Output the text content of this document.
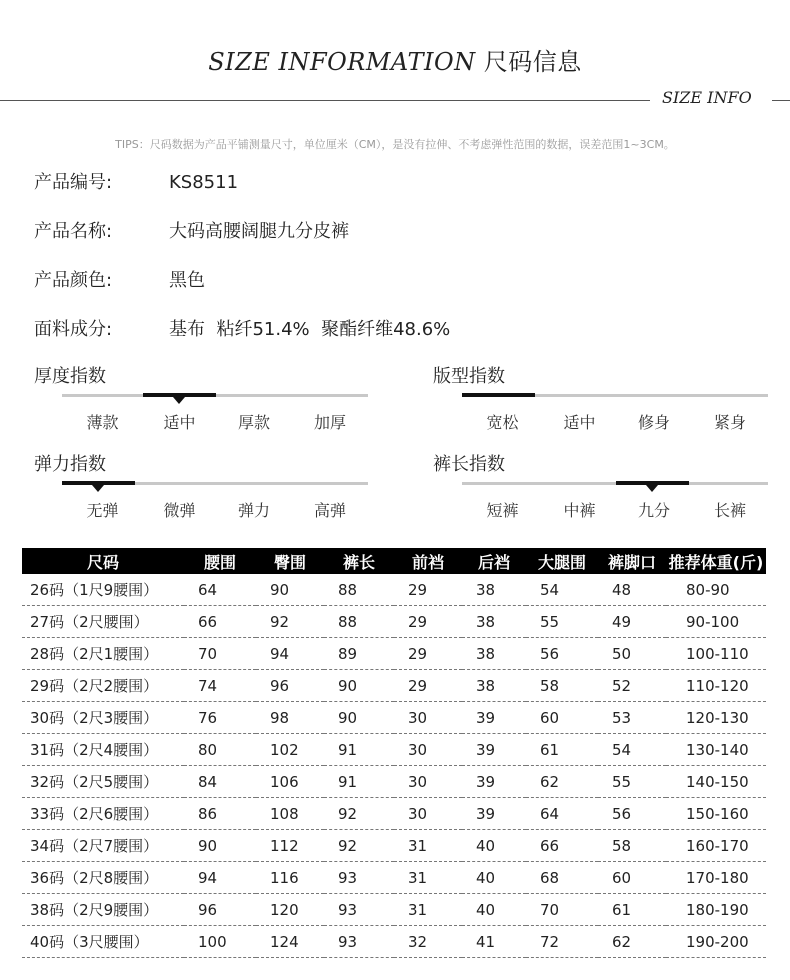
SIZE INFORMATION 尺码信息
SIZE INFO
TIPS：尺码数据为产品平铺测量尺寸，单位厘米（CM），是没有拉伸、不考虑弹性范围的数据，误差范围1~3CM。
产品编号:	KS8511
产品名称:	大码高腰阔腿九分皮裤
产品颜色:	黑色
面料成分:	基布  粘纤51.4%  聚酯纤维48.6%
厚度指数
薄款	适中	厚款	加厚
版型指数
宽松	适中	修身	紧身
弹力指数
无弹	微弹	弹力	高弹
裤长指数
短裤	中裤	九分	长裤
尺码	腰围	臀围	裤长	前裆	后裆	大腿围	裤脚口	推荐体重(斤)
26码（1尺9腰围）	64	90	88	29	38	54	48	80-90
27码（2尺腰围）	66	92	88	29	38	55	49	90-100
28码（2尺1腰围）	70	94	89	29	38	56	50	100-110
29码（2尺2腰围）	74	96	90	29	38	58	52	110-120
30码（2尺3腰围）	76	98	90	30	39	60	53	120-130
31码（2尺4腰围）	80	102	91	30	39	61	54	130-140
32码（2尺5腰围）	84	106	91	30	39	62	55	140-150
33码（2尺6腰围）	86	108	92	30	39	64	56	150-160
34码（2尺7腰围）	90	112	92	31	40	66	58	160-170
36码（2尺8腰围）	94	116	93	31	40	68	60	170-180
38码（2尺9腰围）	96	120	93	31	40	70	61	180-190
40码（3尺腰围）	100	124	93	32	41	72	62	190-200
